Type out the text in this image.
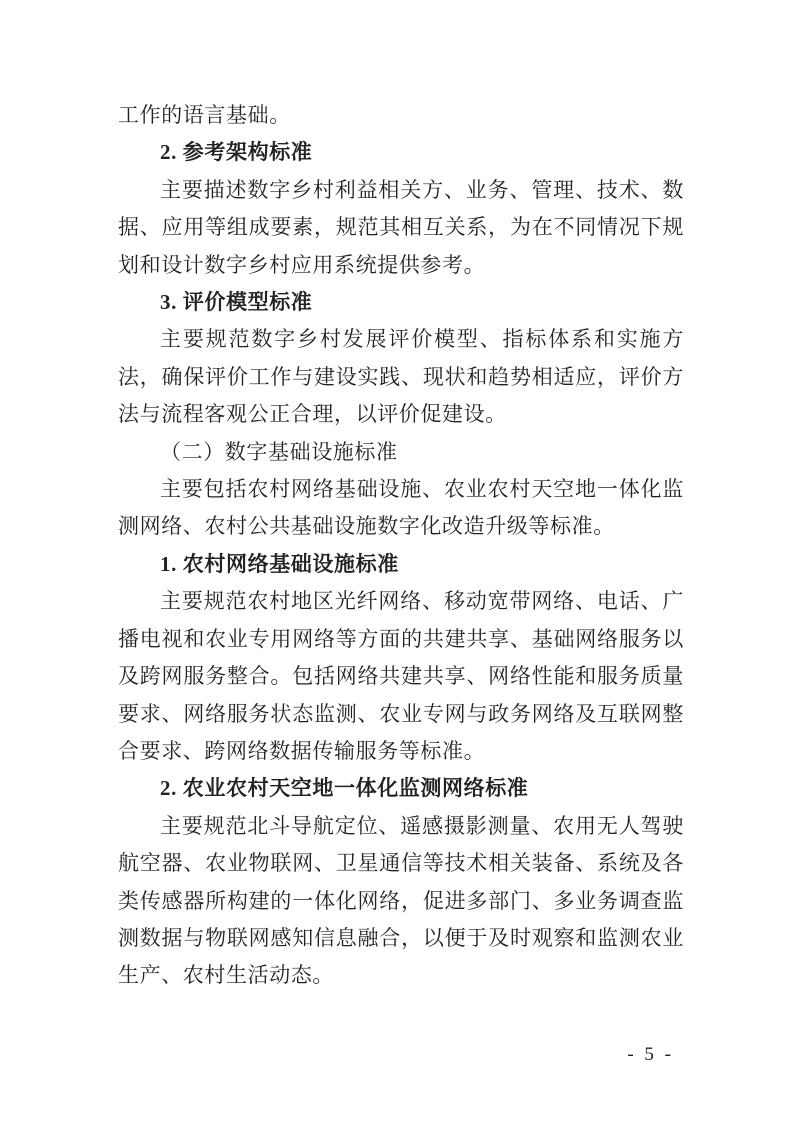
工作的语言基础。

2. 参考架构标准

主要描述数字乡村利益相关方、业务、管理、技术、数据、应用等组成要素，规范其相互关系，为在不同情况下规划和设计数字乡村应用系统提供参考。

3. 评价模型标准

主要规范数字乡村发展评价模型、指标体系和实施方法，确保评价工作与建设实践、现状和趋势相适应，评价方法与流程客观公正合理，以评价促建设。

（二）数字基础设施标准

主要包括农村网络基础设施、农业农村天空地一体化监测网络、农村公共基础设施数字化改造升级等标准。

1. 农村网络基础设施标准

主要规范农村地区光纤网络、移动宽带网络、电话、广播电视和农业专用网络等方面的共建共享、基础网络服务以及跨网服务整合。包括网络共建共享、网络性能和服务质量要求、网络服务状态监测、农业专网与政务网络及互联网整合要求、跨网络数据传输服务等标准。

2. 农业农村天空地一体化监测网络标准

主要规范北斗导航定位、遥感摄影测量、农用无人驾驶航空器、农业物联网、卫星通信等技术相关装备、系统及各类传感器所构建的一体化网络，促进多部门、多业务调查监测数据与物联网感知信息融合，以便于及时观察和监测农业生产、农村生活动态。

- 5 -
